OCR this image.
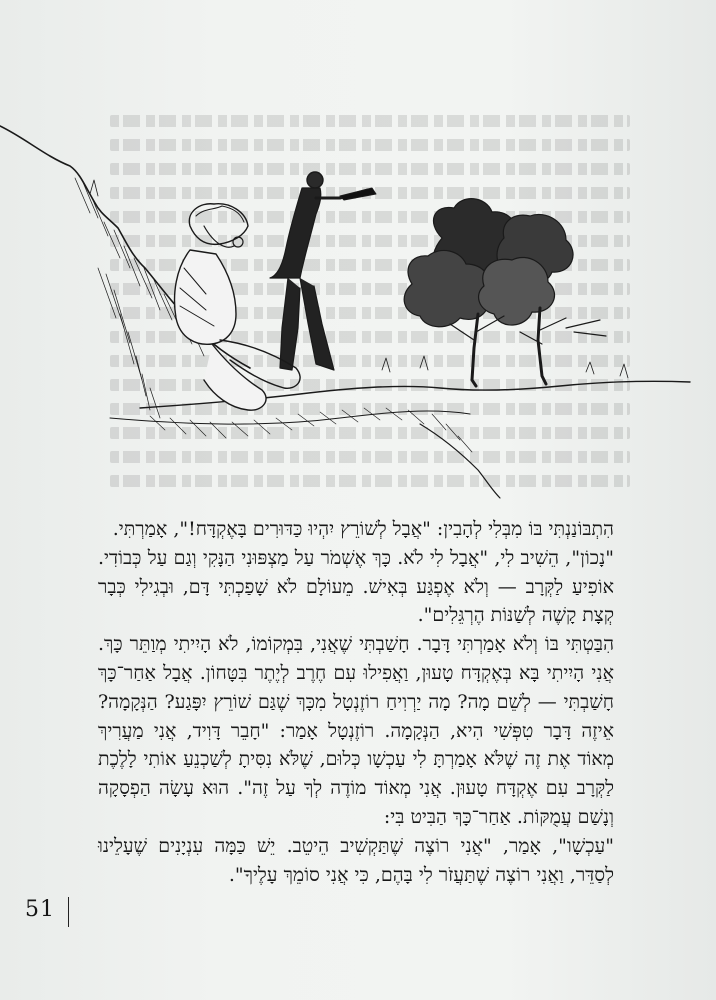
הִתְבּוֹנַנְתִּי בּוֹ מִבְּלִי לְהָבִין: "אֲבָל לְשׁוֹרֵץ יִהְיוּ כַּדּוּרִים בָּאֶקְדָּח!", אָמַרְתִּי.

"נָכוֹן", הֵשִׁיב לִי, "אֲבָל לִי לֹא. כָּךְ אֶשְׁמֹר עַל מַצְפּוּנִי הַנָּקִי וְגַם עַל כְּבוֹדִי. אוֹפִיעַ לַקְּרָב — וְלֹא אֶפְגַּע בְּאִישׁ. מֵעוֹלָם לֹא שָׁפַכְתִּי דָּם, וּבְגִילִי כְּבָר קְצָת קָשֶׁה לְשַׁנּוֹת הֶרְגֵּלִים".

הִבַּטְתִּי בּוֹ וְלֹא אָמַרְתִּי דָּבָר. חָשַׁבְתִּי שֶׁאֲנִי, בִּמְקוֹמוֹ, לֹא הָיִיתִי מְוַתֵּר כָּךְ. אֲנִי הָיִיתִי בָּא בְּאֶקְדָּח טָעוּן, וַאֲפִילוּ עִם חֶרֶב לְיֶתֶר בִּטָּחוֹן. אֲבָל אַחַר־כָּךְ חָשַׁבְתִּי — לְשֵׁם מָה? מָה יַרְוִיחַ רוֹזֶנְטָל מִכָּךְ שֶׁגַּם שׁוֹרֵץ יִפָּגַע? הַנְּקָמָה? אֵיזֶה דָּבָר טִפְּשִׁי הִיא, הַנְּקָמָה. רוֹזֶנְטָל אָמַר: "חָבֵר דָּוִיד, אֲנִי מַעֲרִיךְ מְאוֹד אֶת זֶה שֶׁלֹּא אָמַרְתָּ לִי עַכְשָׁו כְּלוּם, שֶׁלֹּא נִסִּיתָ לְשַׁכְנֵעַ אוֹתִי לָלֶכֶת לַקְּרָב עִם אֶקְדָּח טָעוּן. אֲנִי מְאוֹד מוֹדֶה לְךָ עַל זֶה". הוּא עָשָׂה הַפְסָקָה וְנָשַׁם עֲמֻקּוֹת. אַחַר־כָּךְ הַבִּיט בִּי:

"עַכְשָׁו", אָמַר, "אֲנִי רוֹצֶה שֶׁתַּקְשִׁיב הֵיטֵב. יֵשׁ כַּמָּה עִנְיָנִים שֶׁעָלֵינוּ לְסַדֵּר, וַאֲנִי רוֹצֶה שֶׁתַּעֲזֹר לִי בָּהֶם, כִּי אֲנִי סוֹמֵךְ עָלֶיךָ".

51
